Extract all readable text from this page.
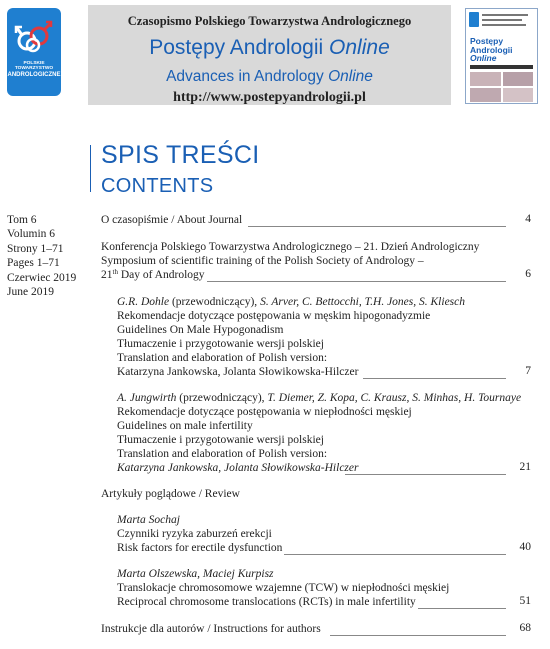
POLSKIE TOWARZYSTWO
ANDROLOGICZNE
Czasopismo Polskiego Towarzystwa Andrologicznego
Postępy Andrologii Online
Advances in Andrology Online
http://www.postepyandrologii.pl
Postępy
Andrologii
Online
SPIS TREŚCI
CONTENTS
Tom 6
Volumin 6
Strony 1–71
Pages 1–71
Czerwiec 2019
June 2019
O czasopiśmie / About Journal	4
Konferencja Polskiego Towarzystwa Andrologicznego – 21. Dzień Andrologiczny
Symposium of scientific training of the Polish Society of Andrology –
21th Day of Andrology	6
G.R. Dohle (przewodniczący), S. Arver, C. Bettocchi, T.H. Jones, S. Kliesch
Rekomendacje dotyczące postępowania w męskim hipogonadyzmie
Guidelines On Male Hypogonadism
Tłumaczenie i przygotowanie wersji polskiej
Translation and elaboration of Polish version:
Katarzyna Jankowska, Jolanta Słowikowska-Hilczer	7
A. Jungwirth (przewodniczący), T. Diemer, Z. Kopa, C. Krausz, S. Minhas, H. Tournaye
Rekomendacje dotyczące postępowania w niepłodności męskiej
Guidelines on male infertility
Tłumaczenie i przygotowanie wersji polskiej
Translation and elaboration of Polish version:
Katarzyna Jankowska, Jolanta Słowikowska-Hilczer	21
Artykuły poglądowe / Review
Marta Sochaj
Czynniki ryzyka zaburzeń erekcji
Risk factors for erectile dysfunction	40
Marta Olszewska, Maciej Kurpisz
Translokacje chromosomowe wzajemne (TCW) w niepłodności męskiej
Reciprocal chromosome translocations (RCTs) in male infertility	51
Instrukcje dla autorów / Instructions for authors	68
